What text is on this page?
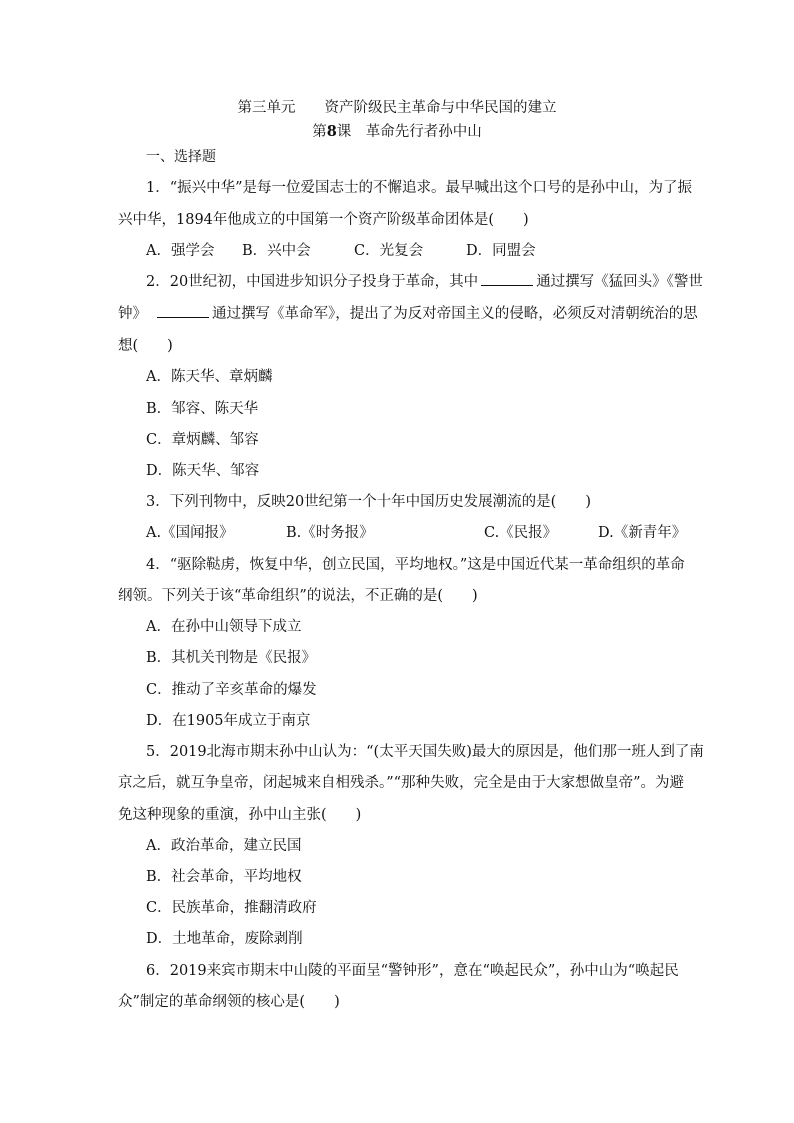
第三单元　　资产阶级民主革命与中华民国的建立
第8课　革命先行者孙中山
一、选择题
1．“振兴中华”是每一位爱国志士的不懈追求。最早喊出这个口号的是孙中山，为了振
兴中华，1894年他成立的中国第一个资产阶级革命团体是(　　)
A．强学会 B．兴中会	C．光复会	D．同盟会
2．20世纪初，中国进步知识分子投身于革命，其中	通过撰写《猛回头》《警世
钟》	通过撰写《革命军》，提出了为反对帝国主义的侵略，必须反对清朝统治的思
想(　　)
A．陈天华、章炳麟
B．邹容、陈天华
C．章炳麟、邹容
D．陈天华、邹容
3．下列刊物中，反映20世纪第一个十年中国历史发展潮流的是(　　)
A.《国闻报》	B.《时务报》	C.《民报》	D.《新青年》
4．“驱除鞑虏，恢复中华，创立民国，平均地权。”这是中国近代某一革命组织的革命
纲领。下列关于该“革命组织”的说法，不正确的是(　　)
A．在孙中山领导下成立
B．其机关刊物是《民报》
C．推动了辛亥革命的爆发
D．在1905年成立于南京
5．2019北海市期末孙中山认为：“(太平天国失败)最大的原因是，他们那一班人到了南
京之后，就互争皇帝，闭起城来自相残杀。”“那种失败，完全是由于大家想做皇帝”。为避
免这种现象的重演，孙中山主张(　　)
A．政治革命，建立民国
B．社会革命，平均地权
C．民族革命，推翻清政府
D．土地革命，废除剥削
6．2019来宾市期末中山陵的平面呈“警钟形”，意在“唤起民众”，孙中山为“唤起民
众”制定的革命纲领的核心是(　　)
